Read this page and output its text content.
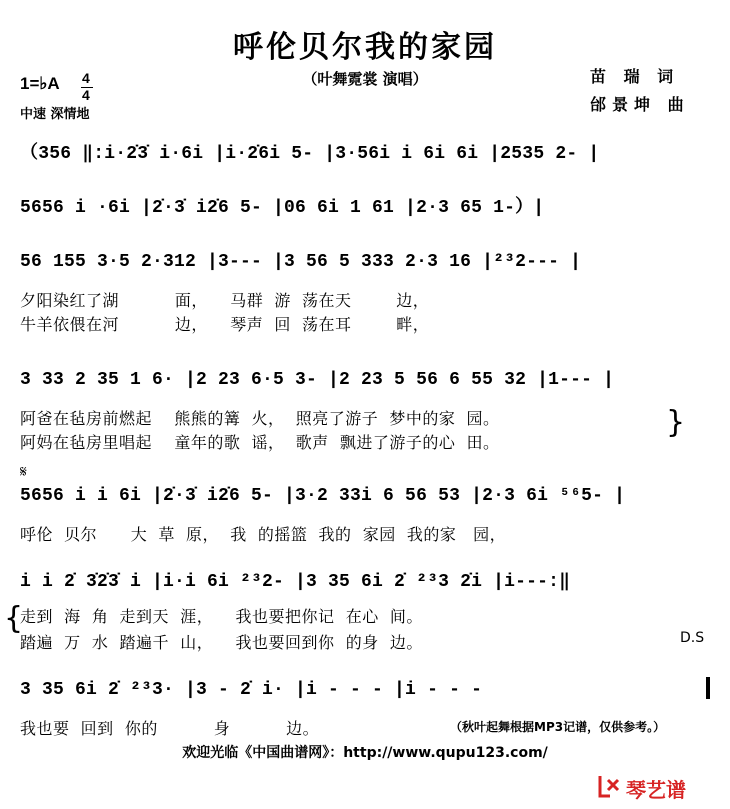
呼伦贝尔我的家园
（叶舞霓裳 演唱）	苗 瑞 词
邰景坤 曲
1=♭A 4
4
中速 深情地
（356 ‖:i·2̇3̇ i·6i |i·2̇6i 5- |3·56i i 6i 6i |2535 2- |
5656 i ·6i |2̇·3̇ i2̇6 5- |06 6i 1 61 |2·3 65 1-）|
56 155 3·5 2·312 |3--- |3 56 5 333 2·3 16 |²³2--- |
夕阳染红了湖          面，    马群  游  荡在天        边，
牛羊依偎在河          边，    琴声  回  荡在耳        畔，
3 33 2 35 1 6· |2 23 6·5 3- |2 23 5 56 6 55 32 |1--- |
阿爸在毡房前燃起    熊熊的篝  火，  照亮了游子  梦中的家  园。
阿妈在毡房里唱起    童年的歌  谣，  歌声  飘进了游子的心  田。
}
𝄋
5656 i i 6i |2̇·3̇ i2̇6 5- |3·2 33i 6 56 53 |2·3 6i ⁵⁶5- |
呼伦  贝尔      大  草  原，  我  的摇篮  我的  家园  我的家   园，
i i 2̇ 3̇2̇3̇ i |i·i 6i ²³2- |3 35 6i 2̇ ²³3 2̇i |i---:‖
{
走到  海  角  走到天  涯，    我也要把你记  在心  间。
踏遍  万  水  踏遍千  山，    我也要回到你  的身  边。	D.S
3 35 6i 2̇ ²³3· |3 - 2̇ i· |i - - - |i - - -
我也要  回到  你的          身          边。	（秋叶起舞根据MP3记谱，仅供参考。）
欢迎光临《中国曲谱网》：http://www.qupu123.com/
琴艺谱
